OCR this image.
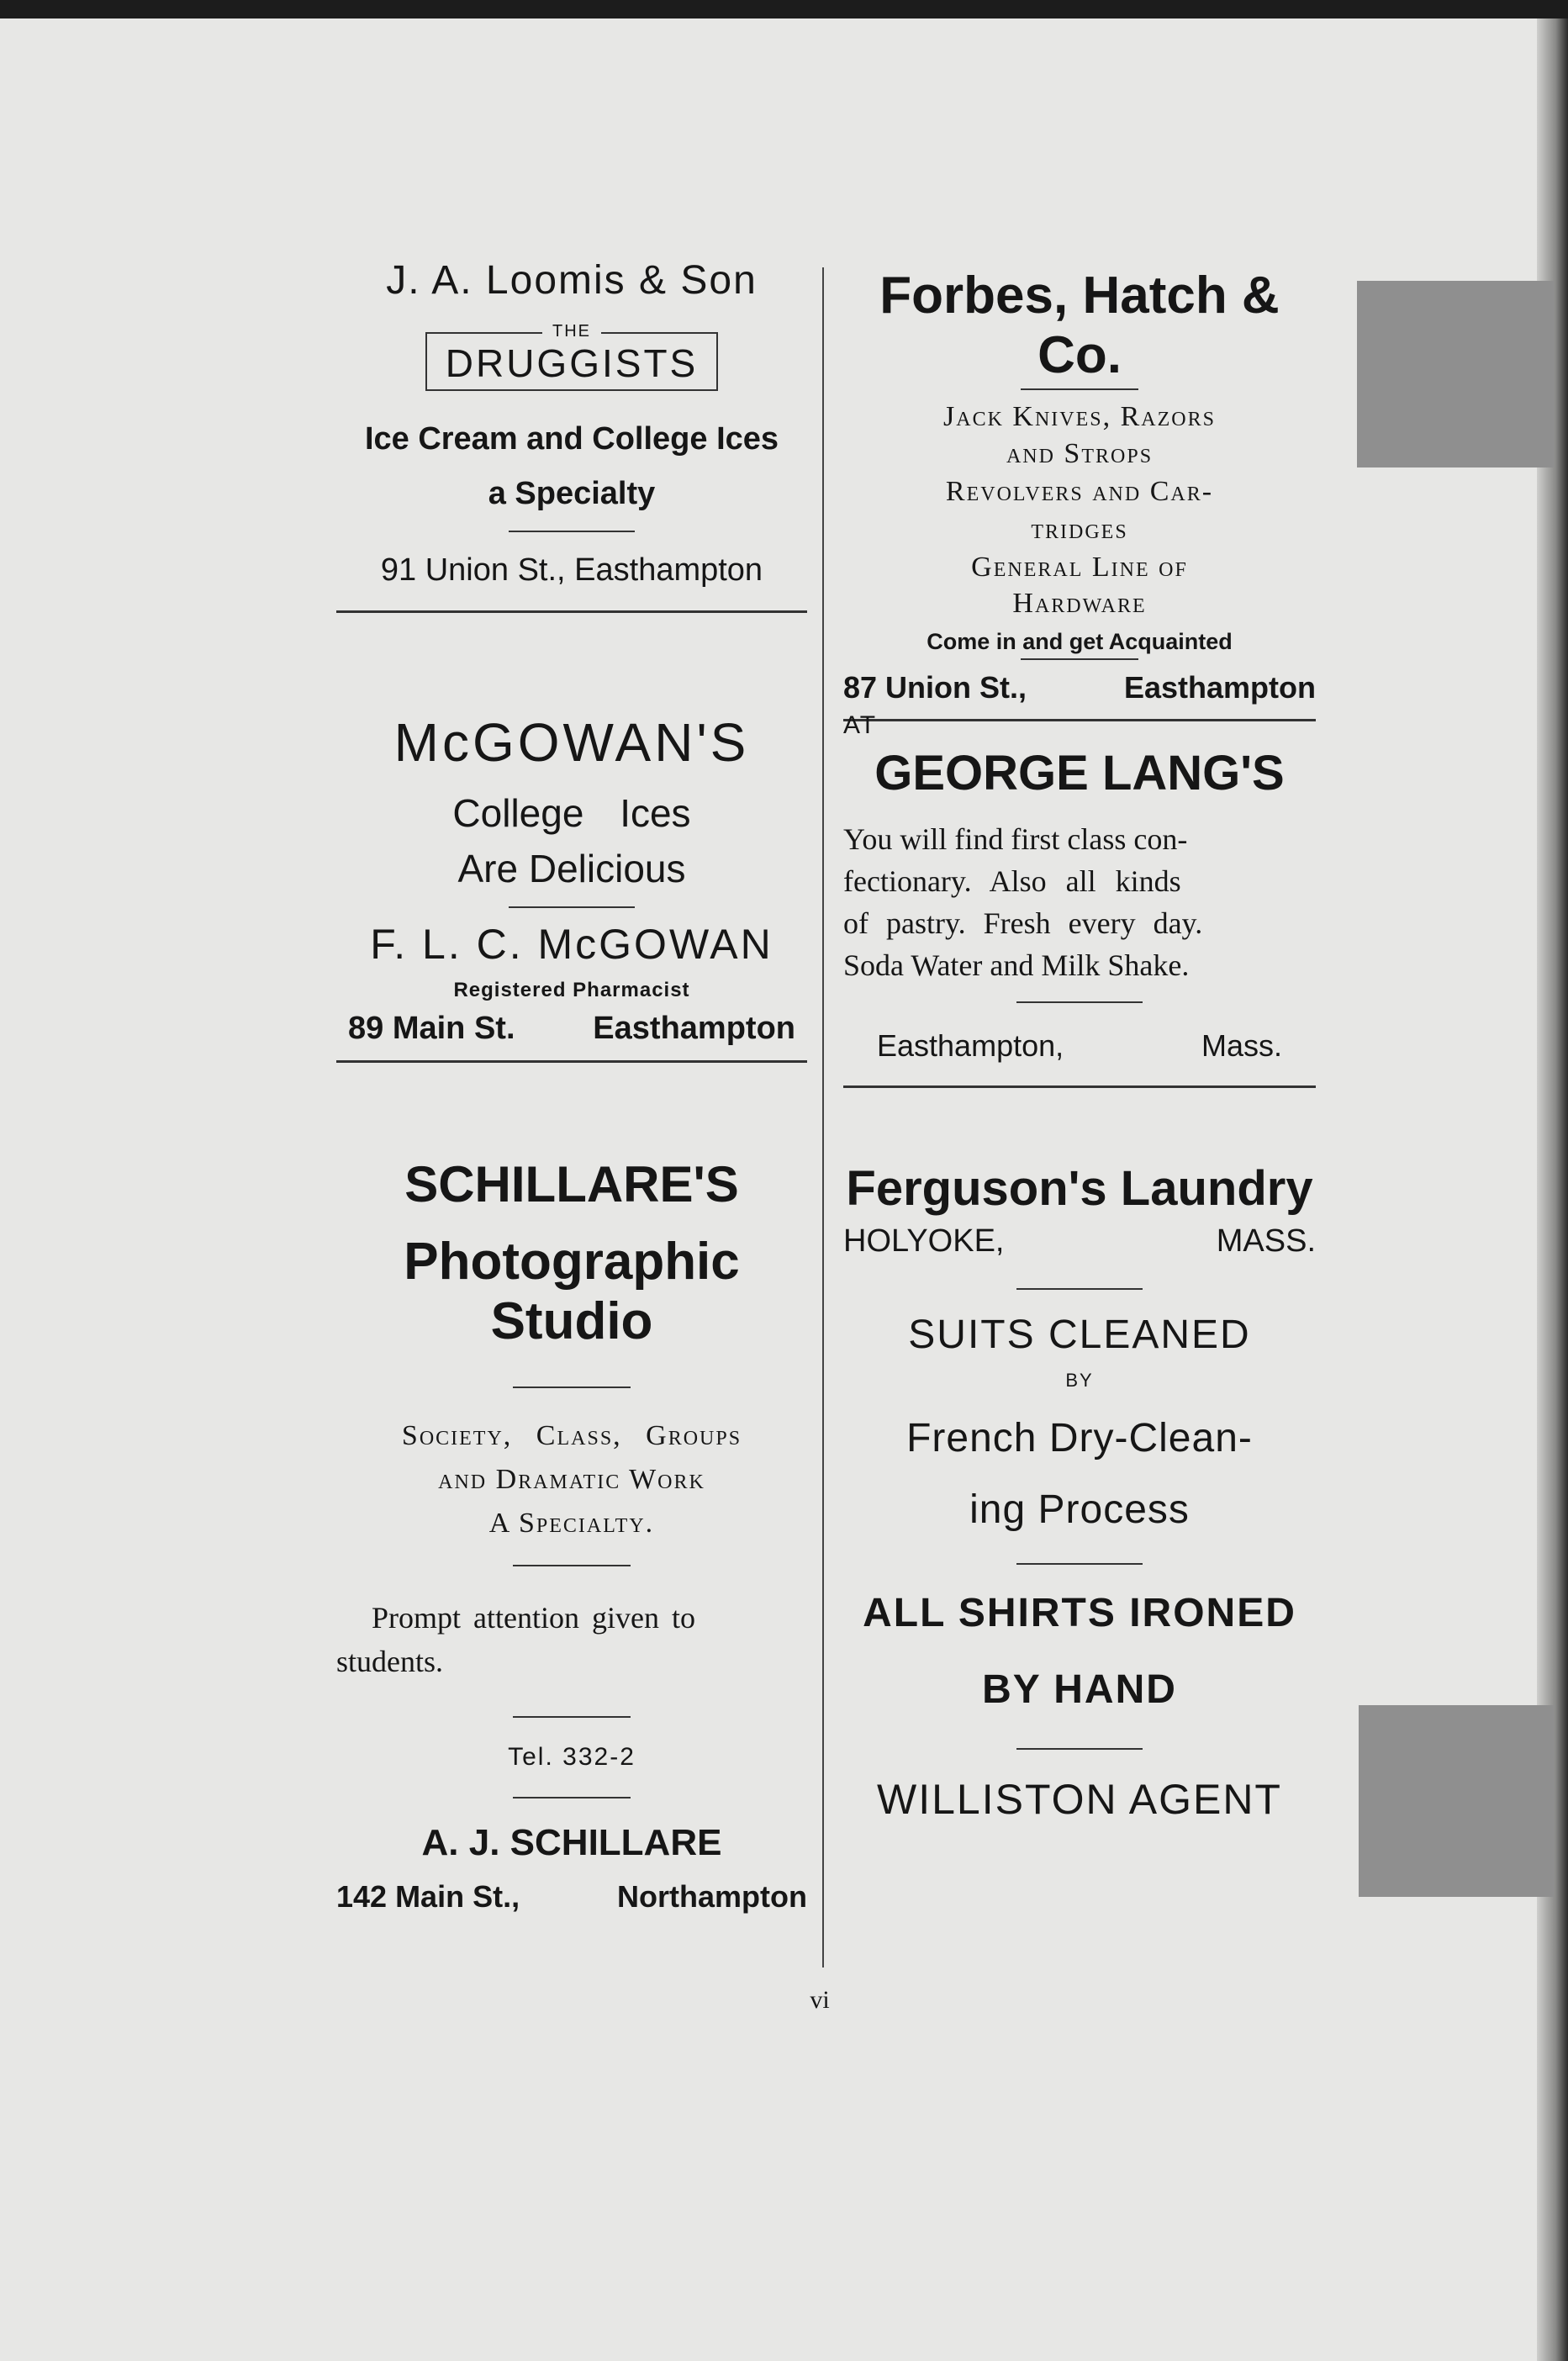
J. A. Loomis & Son
THE
DRUGGISTS
Ice Cream and College Ices
a Specialty
91 Union St., Easthampton
Forbes, Hatch & Co.
Jack Knives, Razors
and Strops
Revolvers and Car-
tridges
General Line of
Hardware
Come in and get Acquainted
87 Union St.,	Easthampton
McGOWAN'S
College Ices
Are Delicious
F. L. C. McGOWAN
Registered Pharmacist
89 Main St. Easthampton
AT
GEORGE LANG'S
You will find first class con-
fectionary. Also all kinds
of pastry. Fresh every day.
Soda Water and Milk Shake.
Easthampton,	Mass.
SCHILLARE'S
Photographic Studio
Society, Class, Groups
and Dramatic Work
A Specialty.
Prompt attention given to
students.
Tel. 332-2
A. J. SCHILLARE
142 Main St.,	Northampton
Ferguson's Laundry
HOLYOKE,	MASS.
SUITS CLEANED
BY
French Dry-Clean-
ing Process
ALL SHIRTS IRONED
BY HAND
WILLISTON AGENT
vi
